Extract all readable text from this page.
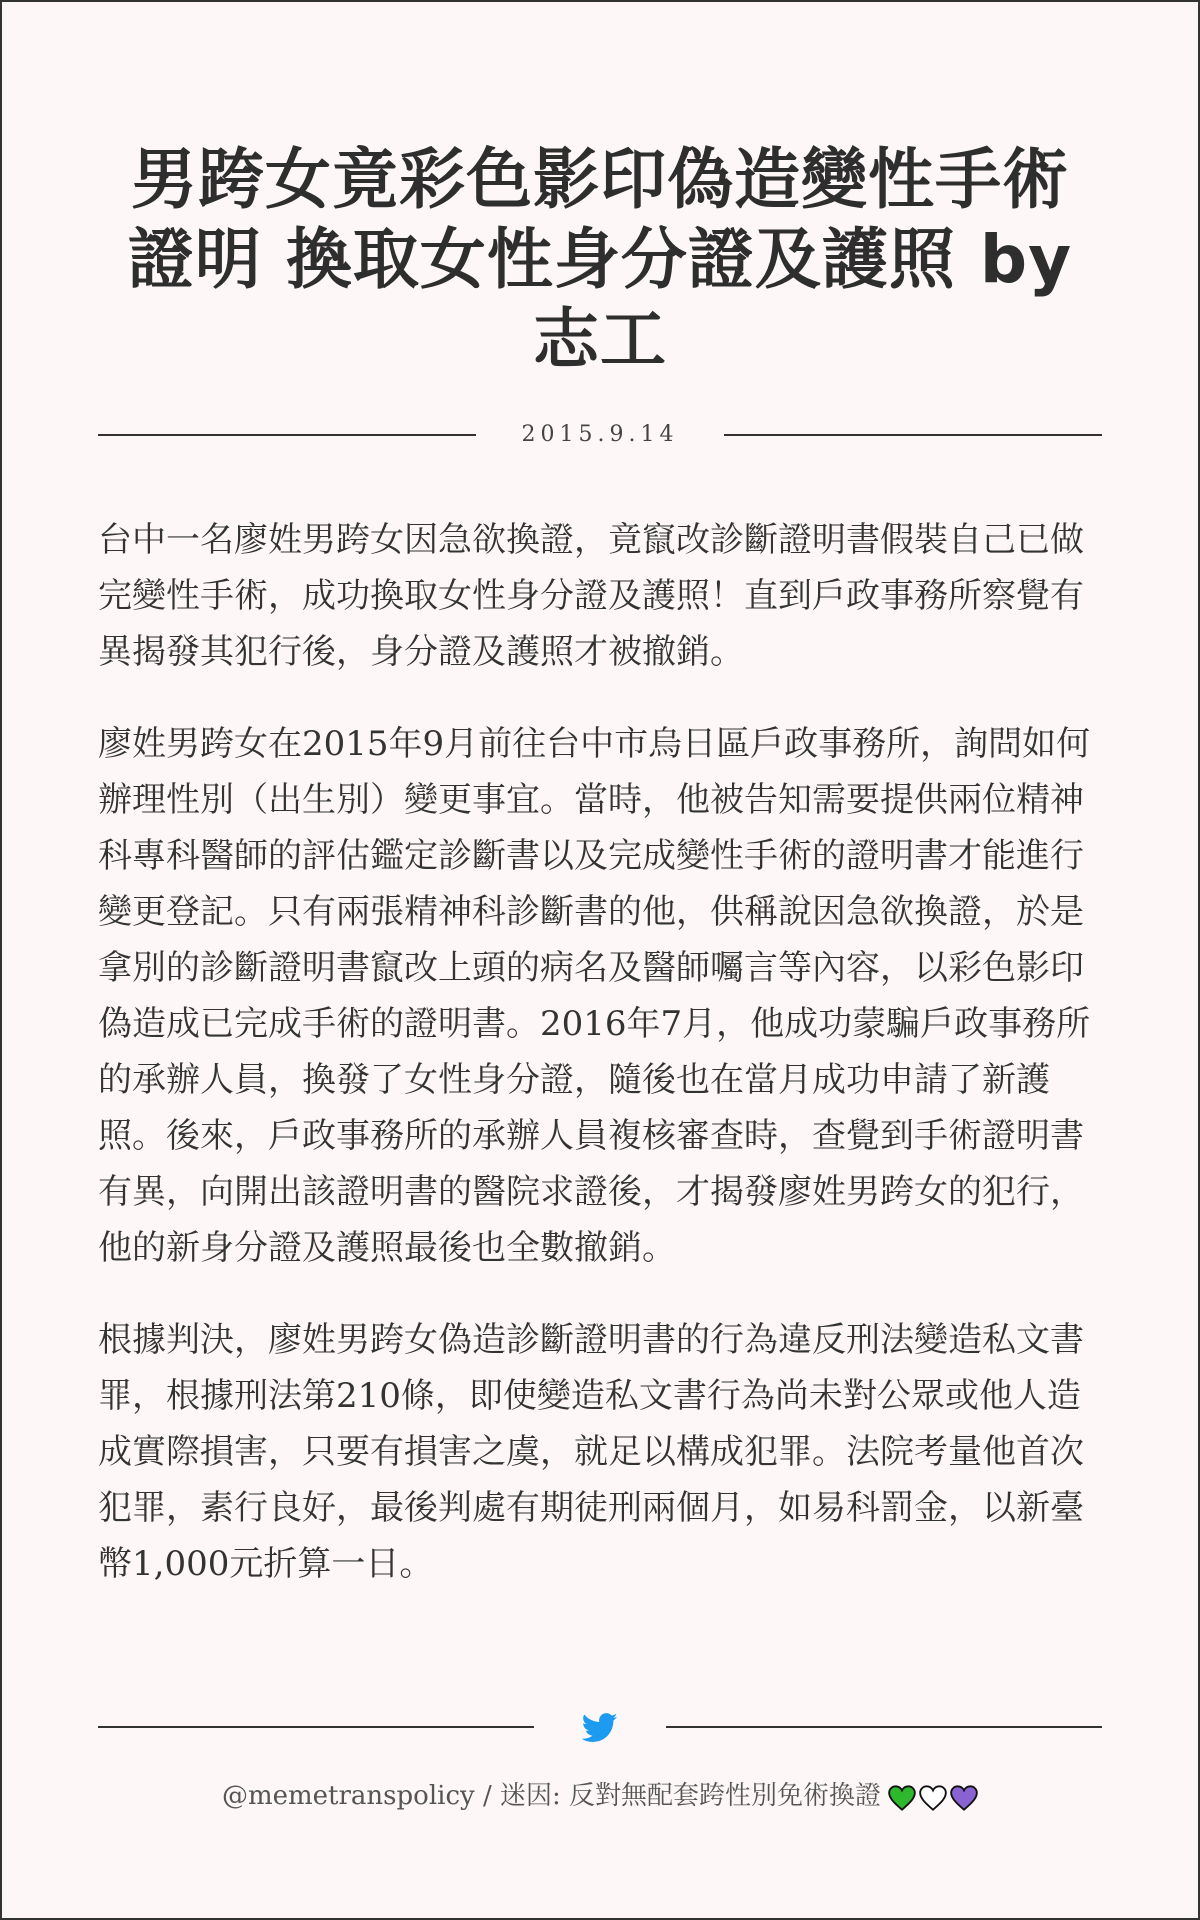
男跨女竟彩色影印偽造變性手術證明 換取女性身分證及護照 by 志工
2015.9.14

台中一名廖姓男跨女因急欲換證，竟竄改診斷證明書假裝自己已做完變性手術，成功換取女性身分證及護照！直到戶政事務所察覺有異揭發其犯行後，身分證及護照才被撤銷。

廖姓男跨女在2015年9月前往台中市烏日區戶政事務所，詢問如何辦理性別（出生別）變更事宜。當時，他被告知需要提供兩位精神科專科醫師的評估鑑定診斷書以及完成變性手術的證明書才能進行變更登記。只有兩張精神科診斷書的他，供稱說因急欲換證，於是拿別的診斷證明書竄改上頭的病名及醫師囑言等內容，以彩色影印偽造成已完成手術的證明書。2016年7月，他成功蒙騙戶政事務所的承辦人員，換發了女性身分證，隨後也在當月成功申請了新護照。後來，戶政事務所的承辦人員複核審查時，查覺到手術證明書有異，向開出該證明書的醫院求證後，才揭發廖姓男跨女的犯行，他的新身分證及護照最後也全數撤銷。

根據判決，廖姓男跨女偽造診斷證明書的行為違反刑法變造私文書罪，根據刑法第210條，即使變造私文書行為尚未對公眾或他人造成實際損害，只要有損害之虞，就足以構成犯罪。法院考量他首次犯罪，素行良好，最後判處有期徒刑兩個月，如易科罰金，以新臺幣1,000元折算一日。

@memetranspolicy / 迷因: 反對無配套跨性別免術換證
